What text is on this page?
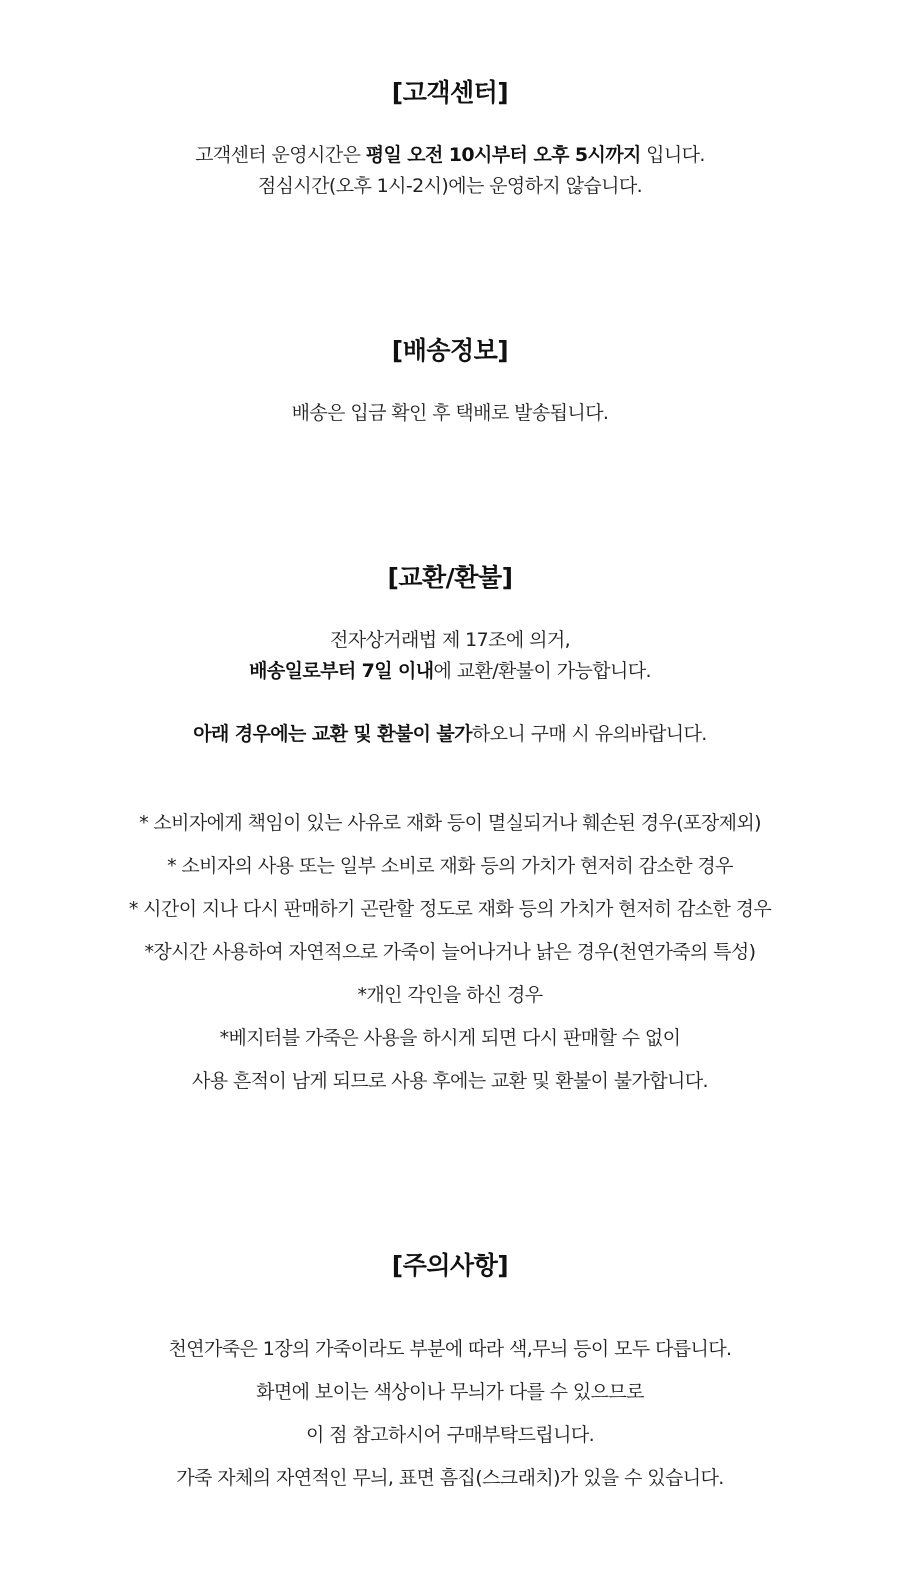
[고객센터]
고객센터 운영시간은 평일 오전 10시부터 오후 5시까지 입니다.
점심시간(오후 1시-2시)에는 운영하지 않습니다.
[배송정보]
배송은 입금 확인 후 택배로 발송됩니다.
[교환/환불]
전자상거래법 제 17조에 의거,
배송일로부터 7일 이내에 교환/환불이 가능합니다.
아래 경우에는 교환 및 환불이 불가하오니 구매 시 유의바랍니다.
* 소비자에게 책임이 있는 사유로 재화 등이 멸실되거나 훼손된 경우(포장제외)
* 소비자의 사용 또는 일부 소비로 재화 등의 가치가 현저히 감소한 경우
* 시간이 지나 다시 판매하기 곤란할 정도로 재화 등의 가치가 현저히 감소한 경우
*장시간 사용하여 자연적으로 가죽이 늘어나거나 낡은 경우(천연가죽의 특성)
*개인 각인을 하신 경우
*베지터블 가죽은 사용을 하시게 되면 다시 판매할 수 없이
사용 흔적이 남게 되므로 사용 후에는 교환 및 환불이 불가합니다.
[주의사항]
천연가죽은 1장의 가죽이라도 부분에 따라 색,무늬 등이 모두 다릅니다.
화면에 보이는 색상이나 무늬가 다를 수 있으므로
이 점 참고하시어 구매부탁드립니다.
가죽 자체의 자연적인 무늬, 표면 흠집(스크래치)가 있을 수 있습니다.
